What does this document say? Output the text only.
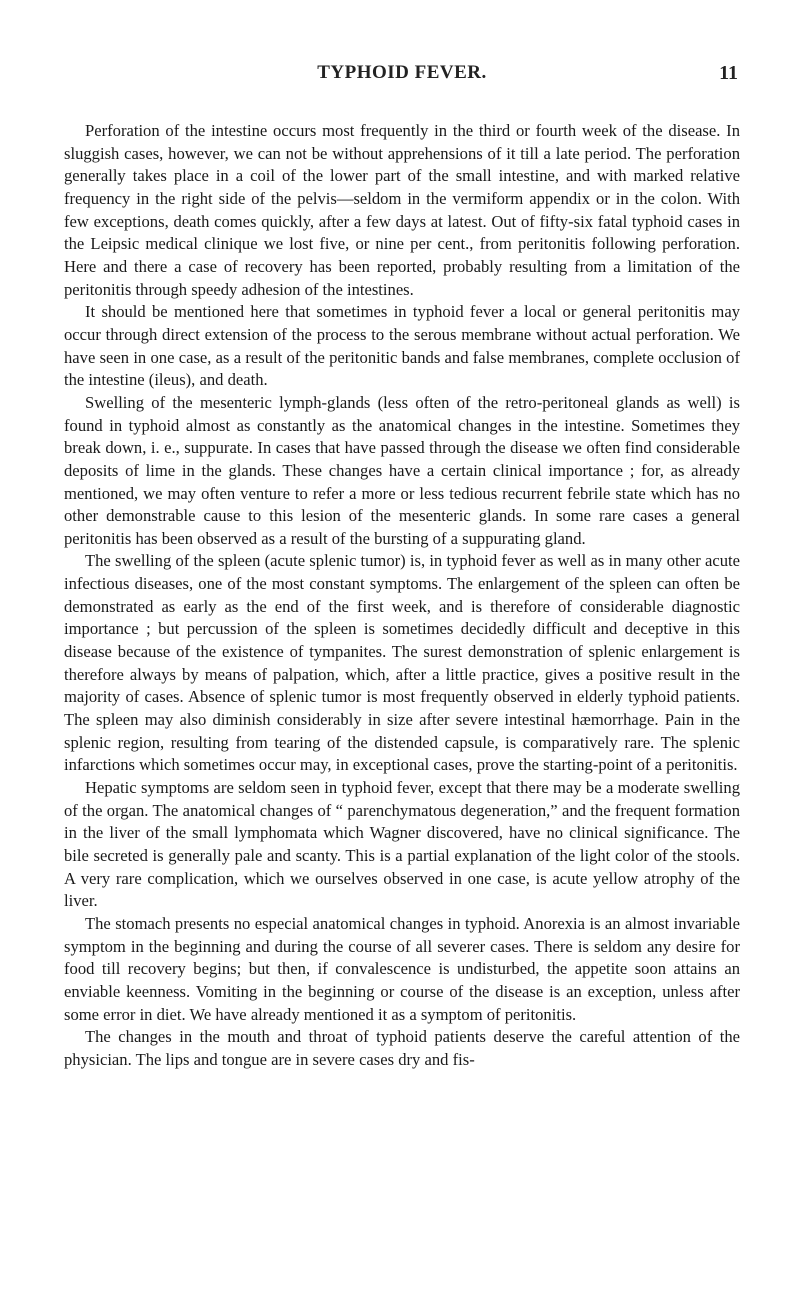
TYPHOID FEVER.	11

Perforation of the intestine occurs most frequently in the third or fourth week of the disease. In sluggish cases, however, we can not be without apprehensions of it till a late period. The perforation generally takes place in a coil of the lower part of the small intestine, and with marked relative frequency in the right side of the pelvis—seldom in the vermiform appendix or in the colon. With few exceptions, death comes quickly, after a few days at latest. Out of fifty-six fatal typhoid cases in the Leipsic medical clinique we lost five, or nine per cent., from peritonitis following perforation. Here and there a case of recovery has been reported, probably resulting from a limitation of the peritonitis through speedy adhesion of the intestines.

It should be mentioned here that sometimes in typhoid fever a local or general peritonitis may occur through direct extension of the process to the serous membrane without actual perforation. We have seen in one case, as a result of the peritonitic bands and false membranes, complete occlusion of the intestine (ileus), and death.

Swelling of the mesenteric lymph-glands (less often of the retro-peritoneal glands as well) is found in typhoid almost as constantly as the anatomical changes in the intestine. Sometimes they break down, i. e., suppurate. In cases that have passed through the disease we often find considerable deposits of lime in the glands. These changes have a certain clinical importance ; for, as already mentioned, we may often venture to refer a more or less tedious recurrent febrile state which has no other demonstrable cause to this lesion of the mesenteric glands. In some rare cases a general peritonitis has been observed as a result of the bursting of a suppurating gland.

The swelling of the spleen (acute splenic tumor) is, in typhoid fever as well as in many other acute infectious diseases, one of the most constant symptoms. The enlargement of the spleen can often be demonstrated as early as the end of the first week, and is therefore of considerable diagnostic importance ; but percussion of the spleen is sometimes decidedly difficult and deceptive in this disease because of the existence of tympanites. The surest demonstration of splenic enlargement is therefore always by means of palpation, which, after a little practice, gives a positive result in the majority of cases. Absence of splenic tumor is most frequently observed in elderly typhoid patients. The spleen may also diminish considerably in size after severe intestinal hæmorrhage. Pain in the splenic region, resulting from tearing of the distended capsule, is comparatively rare. The splenic infarctions which sometimes occur may, in exceptional cases, prove the starting-point of a peritonitis.

Hepatic symptoms are seldom seen in typhoid fever, except that there may be a moderate swelling of the organ. The anatomical changes of “ parenchymatous degeneration,” and the frequent formation in the liver of the small lymphomata which Wagner discovered, have no clinical significance. The bile secreted is generally pale and scanty. This is a partial explanation of the light color of the stools. A very rare complication, which we ourselves observed in one case, is acute yellow atrophy of the liver.

The stomach presents no especial anatomical changes in typhoid. Anorexia is an almost invariable symptom in the beginning and during the course of all severer cases. There is seldom any desire for food till recovery begins; but then, if convalescence is undisturbed, the appetite soon attains an enviable keenness. Vomiting in the beginning or course of the disease is an exception, unless after some error in diet. We have already mentioned it as a symptom of peritonitis.

The changes in the mouth and throat of typhoid patients deserve the careful attention of the physician. The lips and tongue are in severe cases dry and fis-
